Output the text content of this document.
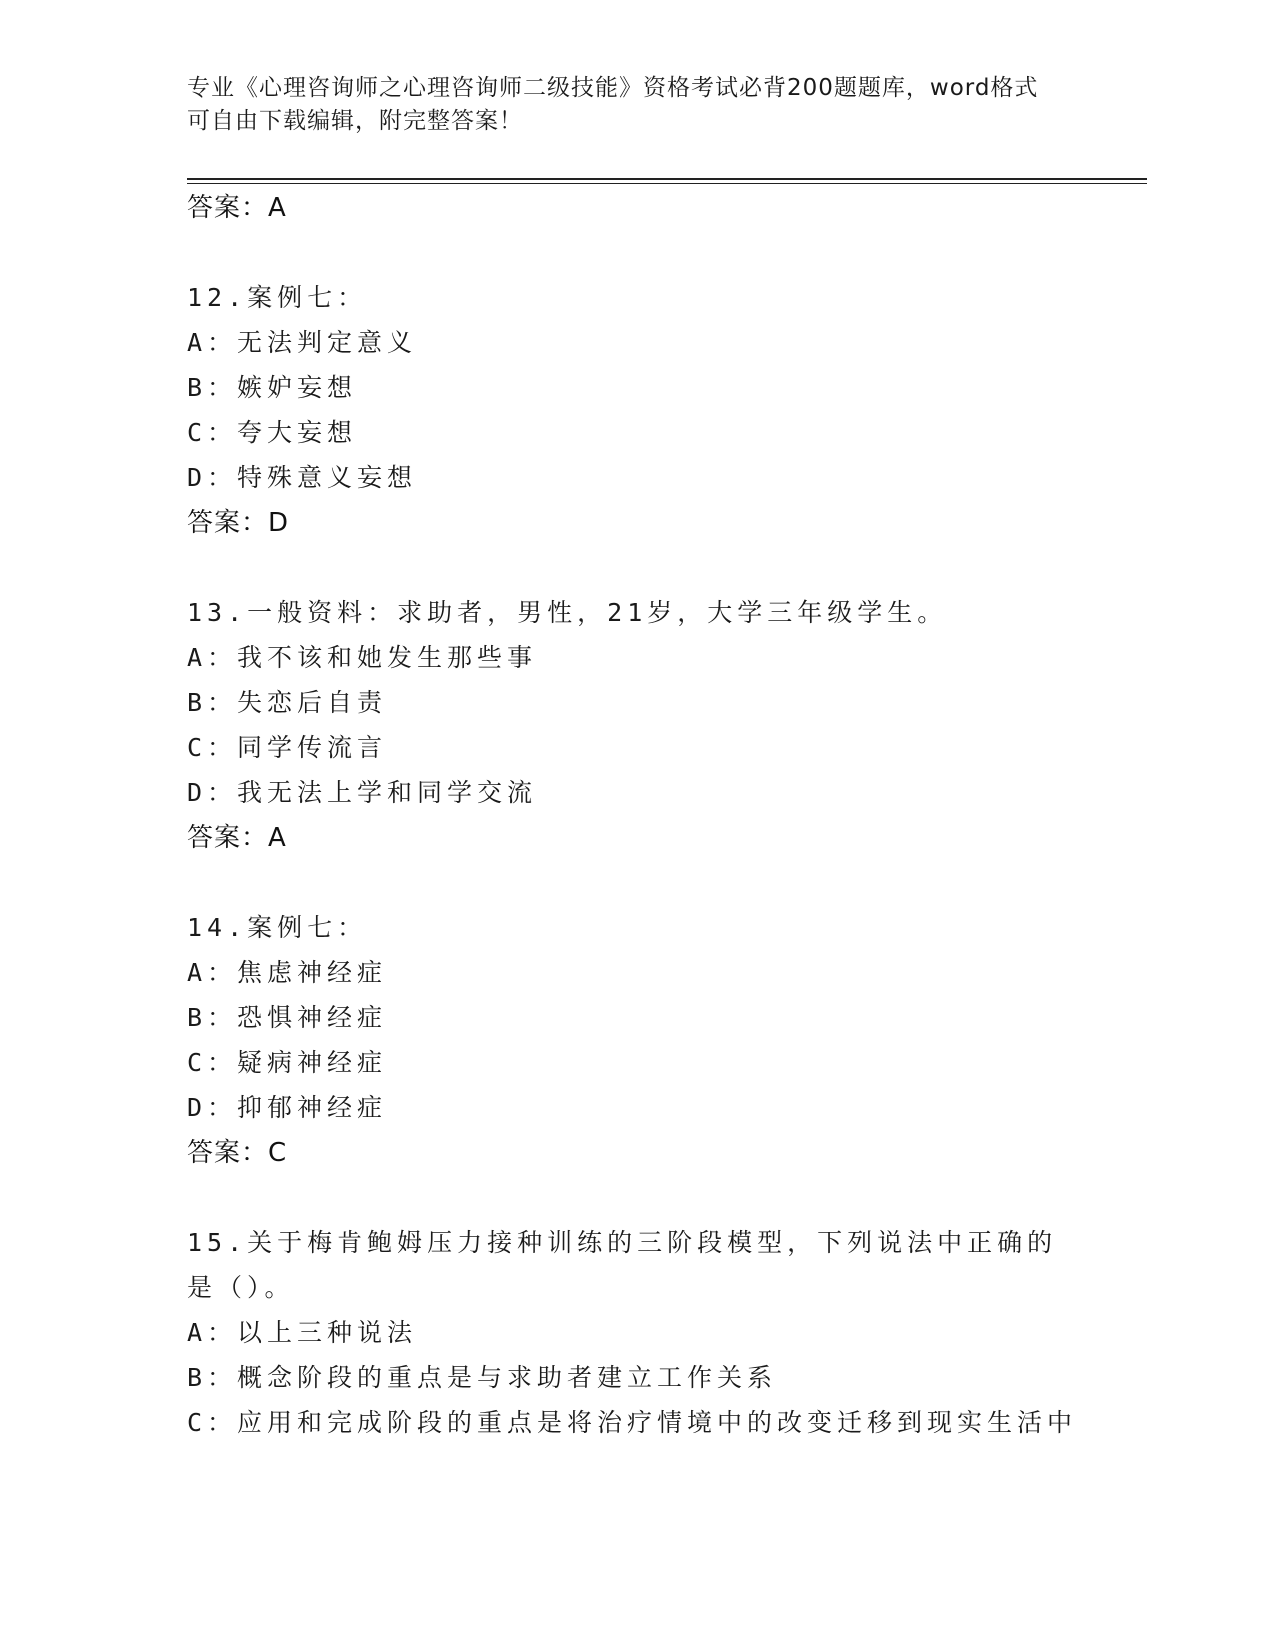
专业《心理咨询师之心理咨询师二级技能》资格考试必背200题题库，word格式
可自由下载编辑，附完整答案！
答案：A
12.案例七：
A：无法判定意义
B：嫉妒妄想
C：夸大妄想
D：特殊意义妄想
答案：D
13.一般资料：求助者，男性，21岁，大学三年级学生。
A：我不该和她发生那些事
B：失恋后自责
C：同学传流言
D：我无法上学和同学交流
答案：A
14.案例七：
A：焦虑神经症
B：恐惧神经症
C：疑病神经症
D：抑郁神经症
答案：C
15.关于梅肯鲍姆压力接种训练的三阶段模型，下列说法中正确的是（）。
A：以上三种说法
B：概念阶段的重点是与求助者建立工作关系
C：应用和完成阶段的重点是将治疗情境中的改变迁移到现实生活中
